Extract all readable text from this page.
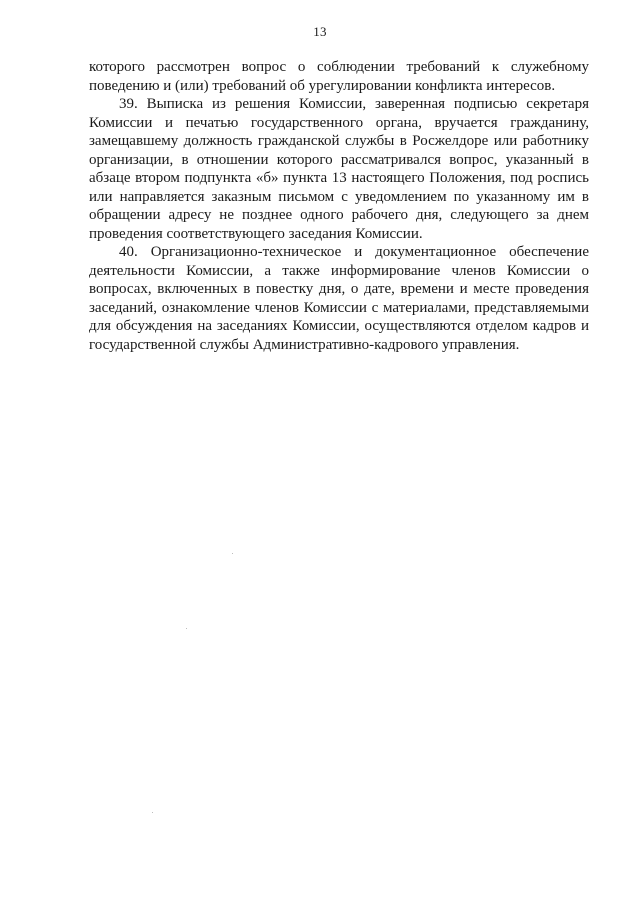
13

которого рассмотрен вопрос о соблюдении требований к служебному поведению и (или) требований об урегулировании конфликта интересов.

39. Выписка из решения Комиссии, заверенная подписью секретаря Комиссии и печатью государственного органа, вручается гражданину, замещавшему должность гражданской службы в Росжелдоре или работнику организации, в отношении которого рассматривался вопрос, указанный в абзаце втором подпункта «б» пункта 13 настоящего Положения, под роспись или направляется заказным письмом с уведомлением по указанному им в обращении адресу не позднее одного рабочего дня, следующего за днем проведения соответствующего заседания Комиссии.

40. Организационно-техническое и документационное обеспечение деятельности Комиссии, а также информирование членов Комиссии о вопросах, включенных в повестку дня, о дате, времени и месте проведения заседаний, ознакомление членов Комиссии с материалами, представляемыми для обсуждения на заседаниях Комиссии, осуществляются отделом кадров и государственной службы Административно-кадрового управления.
